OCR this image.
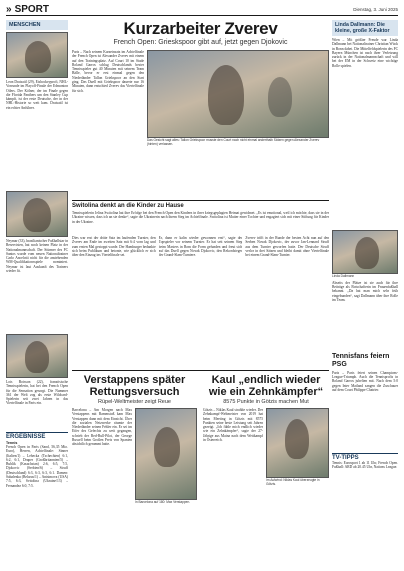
» SPORT	Dienstag, 3. Juni 2025
MENSCHEN
Leon Draisaitl (29), Eishockeyprofi, NHL-Vorrunde im Playoff-Finale der Edmonton Oilers. Der Kölner, der im Finale gegen die Florida Panthers um den Stanley Cup kämpft, ist der erste Deutsche, der in der NHL-Historie so weit kam. Draisaitl ist ein echter Anführer.
Neymar (33), brasilianischer Fußballstar in Reservisten, hat noch keinen Platz in der Nationalmannschaft. Der Stürmer des FC Santos wurde vom neuen Nationaltrainer Carlo Ancelotti nicht für die anstehenden WM-Qualifikationsspiele nominiert. Neymar ist laut Auskunft des Trainers wieder fit.
Lois Boisson (22), französische Tennisspielerin, hat bei den French Open für die Sensation gesorgt. Die Nummer 361 der Welt zog als erste Wildcard-Spielerin seit zwei Jahren in das Viertelfinale in Paris ein.
ERGEBNISSE
Tennis
French Open in Paris (Sand, 56,35 Mio. Euro), Herren, Achtelfinale: Sinner (Italien/1) – Lehecka (Tschechien) 6:1, 6:2, 6:1, Draper (Großbritannien/5) – Bublik (Kasachstan) 2:6, 6:5, 7:5, Djokovic (Serbien/6) – Struff (Deutschland) 6:3, 6:3, 6:3, 6:1. Damen: Sabalenka (Belarus/1) – Anisimova (USA) 7:5, 6:3, Svitolina (Ukraine/13) – Fernandez 6:0, 7:5.
Kurzarbeiter Zverev
French Open: Grieskspoor gibt auf, jetzt gegen Djokovic
Paris – Nach seinem Kurzeinsatz im Achtelfinale der French Open ist Alexander Zverev mit einem auf den Trainingsplatz. Auf Court 10 im Stade Roland Garros schlug Deutschlands bester Tennisspieler gut 40 Minuten mit seinem Team Bälle, bevor er erst einmal gegen den Niederländer Tallon Griekspoor an den Start ging. Das Duell mit Griekspoor dauerte nur 16 Minuten, dann entschied Zverev das Viertelfinale für sich.
Das Gesicht sagt alles: Tallon Griekspoor musste den Court nach nicht einmal anderthalb Sätzen gegen Alexander Zverev (hinten) verlassen.
Switolina denkt an die Kinder zu Hause
Tennisspielerin Jelina Switolina hat ihre Erfolge bei den French Open den Kindern in ihrer kriegsgeplagten Heimat gewidmet. „Es ist emotional, weil ich möchte, dass sie in der Ukraine wissen, dass ich an sie denke“, sagte die Ukrainerin nach ihrem Sieg im Achtelfinale. Switolina ist Mutter einer Tochter und engagiert sich mit einer Stiftung für Kinder in der Ukraine.
Dies war erst der dritte Satz im laufenden Turnier, den Zverev am Ende im zweiten Satz mit 6:4 vorn lag und zum ersten Mal gestoppt wurde. Der Hamburger bedankte sich beim Publikum und betonte, wie glücklich er sich über den Einzug ins Viertelfinale sei.
Er, dann er kaltn wieder gewonnen erst“, sagte der Topspieler vor seinem Turnier. Er hat seit seinem Sieg beim Masters in Rom die Form gefunden und freut sich auf das Duell gegen Novak Djokovic, den Rekordsieger der Grand-Slam-Turniere.
Zverev trifft in der Runde der besten Acht nun auf den Serben Novak Djokovic, der zuvor Jan-Lennard Struff aus dem Turnier geworfen hatte. Der Deutsche Struff verlor in drei Sätzen und bleibt damit ohne Viertelfinale bei einem Grand-Slam-Turnier.
Verstappens später Rettungsversuch
Rüpel-Weltmeister zeigt Reue
Barcelona – Am Morgen nach Max Verstappens mit Rammstoß kam Max Verstappen dann mit dem Einsicht. Über die sozialen Netzwerke räumte der Niederländer seinen Fehler ein. Er sei im Eifer des Gefechts zu weit gegangen, schrieb der Red-Bull-Pilot, der George Russell beim Großen Preis von Spanien absichtlich gerammt hatte.
In Barcelona auf 180: Max Verstappen.
Kaul „endlich wieder wie ein Zehnkämpfer“
8575 Punkte in Götzis machen Mut
Götzis – Niklas Kaul strahlte wieder. Der Zehnkampf-Weltmeister von 2019 hat beim Meeting in Götzis mit 8575 Punkten seine beste Leistung seit Jahren gezeigt. „Ich fühle mich endlich wieder wie ein Zehnkämpfer“, sagte der 27-Jährige aus Mainz nach dem Wettkampf in Österreich.
Im Aufwind: Niklas Kaul überzeugte in Götzis.
Linda Dallmann: Die kleine, große X-Faktor
Wien – Mit größter Freude war Linda Dallmann bei Nationaltrainer Christian Wück in Bonn dabei. Die Mittelfeldspielerin des FC Bayern München ist nach ihrer Verletzung zurück in der Nationalmannschaft und will bei der EM in der Schweiz eine wichtige Rolle spielen.
Linda Dallmann
Abseits der Plätze ist sie auch für ihre Beiträge als Botschafterin im Frauenfußball bekannt. „Da hat man mich sehr früh eingebunden“, sagt Dallmann über ihre Rolle im Team.
Tennisfans feiern PSG
Paris – Paris feiert seinen Champions-League-Triumph. Auch die Tennisprofis in Roland Garros jubelten mit. Nach dem 5:0 gegen Inter Mailand sangen die Zuschauer auf dem Court Philippe Chatrier.
TV-TIPPS
Tennis: Eurosport 1 ab 11 Uhr, French Open. Fußball: ARD ab 20.45 Uhr, Nations League.
